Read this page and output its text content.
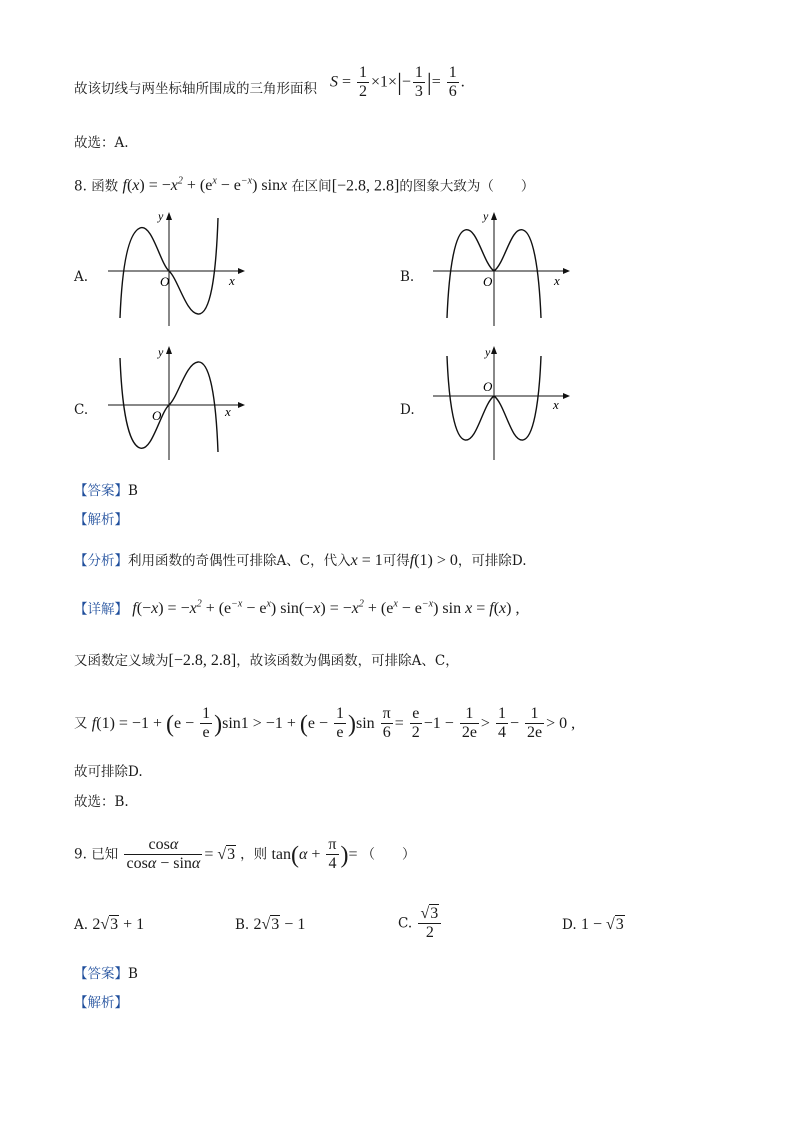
故该切线与两坐标轴所围成的三角形面积 $S = \frac{1}{2} \times 1\times|- \frac{1}{3}$ |= $\frac{1}{6}$ .
故选：A.
8. 函数 $f(x) = -x^2 + (e^x - e^{-x})$ sinx 在区间[−2.8, 2.8]的图象大致为（　　）
A.	O	x
y
B.	O	x
y
C.	O	x
y
D.
O
x
y
【答案】B
【解析】
【分析】利用函数的奇偶性可排除A、C，代入x = 1可得f(1) > 0，可排除D.
【详解】 $f(-x) = -x^2 + (e^{-x} - e^x) \sin(-x) = -x^2 + (e^x - e^{-x})$ sin x = f(x) ,
又函数定义域为[−2.8, 2.8]，故该函数为偶函数，可排除A、C，
又 $f(1) = -1 + (e - \frac{1}{e} )\sin 1 > -1 + (e - \frac{1}{e} )\sin \frac{\pi}{6} = \frac{e}{2} -1 - \frac{1}{2e} > \frac{1}{4} - \frac{1}{2e} > 0$ ,
故可排除D.
故选：B.
9. 已知 $\frac{\cos\alpha}{\cos\alpha - \sin\alpha} = √3$ ，则 $\tan(\alpha + \frac{\pi}{4}$ )= （　　）
A. 2√3 + 1	B. 2√3 − 1	C. $\frac{√3}{2}$	D. 1 − √3
【答案】B
【解析】
